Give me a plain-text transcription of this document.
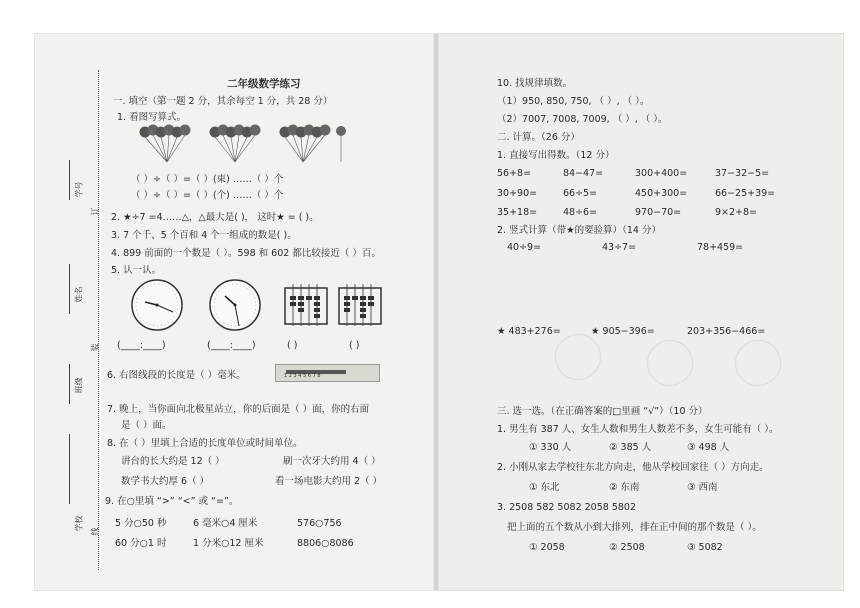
学号
订
姓名
装
班级
学校 线
二年级数学练习
一. 填空（第一题 2 分，其余每空 1 分，共 28 分）
1. 看图写算式。
（ ）÷（ ）=（ ）(束) ……（ ）个
（ ）÷（ ）=（ ）(个) ……（ ）个
2. ★÷7 =4……△，△最大是( )， 这时★ = ( )。
3. 7 个千、5 个百和 4 个一组成的数是( )。
4. 899 前面的一个数是（ ）。598 和 602 都比较接近（ ）百。
5. 认一认。
(____:____)	(____:____)	( )	( )
6. 右图线段的长度是（ ）毫米。	1 2 3 4 5 6 7 8
7. 晚上，当你面向北极星站立，你的后面是（ ）面，你的右面
是（ ）面。
8. 在（ ）里填上合适的长度单位或时间单位。
讲台的长大约是 12（ ）	刷一次牙大约用 4（ ）
数学书大约厚 6（ ）	看一场电影大约用 2（ ）
9. 在○里填 “>” “<” 或 “=”。
5 分○50 秒	6 毫米○4 厘米	576○756
60 分○1 时	1 分米○12 厘米	8806○8086
10. 找规律填数。
（1）950, 850, 750, （ ）, （ ）。
（2）7007, 7008, 7009, （ ）, （ ）。
二. 计算。（26 分）
1. 直接写出得数。（12 分）
56+8=	84−47=	300+400=	37−32−5=
30+90=	66÷5=	450+300=	66−25+39=
35+18=	48÷6=	970−70=	9×2+8=
2. 竖式计算（带★的要验算）（14 分）
40÷9=	43÷7=	78+459=
★ 483+276=	★ 905−396=	203+356−466=
三. 选一选。（在正确答案的□里画 “√”）（10 分）
1. 男生有 387 人、女生人数和男生人数差不多，女生可能有（ ）。
① 330 人	② 385 人	③ 498 人
2. 小刚从家去学校往东北方向走，他从学校回家往（ ）方向走。
① 东北	② 东南	③ 西南
3. 2508 582 5082 2058 5802
把上面的五个数从小到大排列，排在正中间的那个数是（ ）。
① 2058	② 2508	③ 5082
